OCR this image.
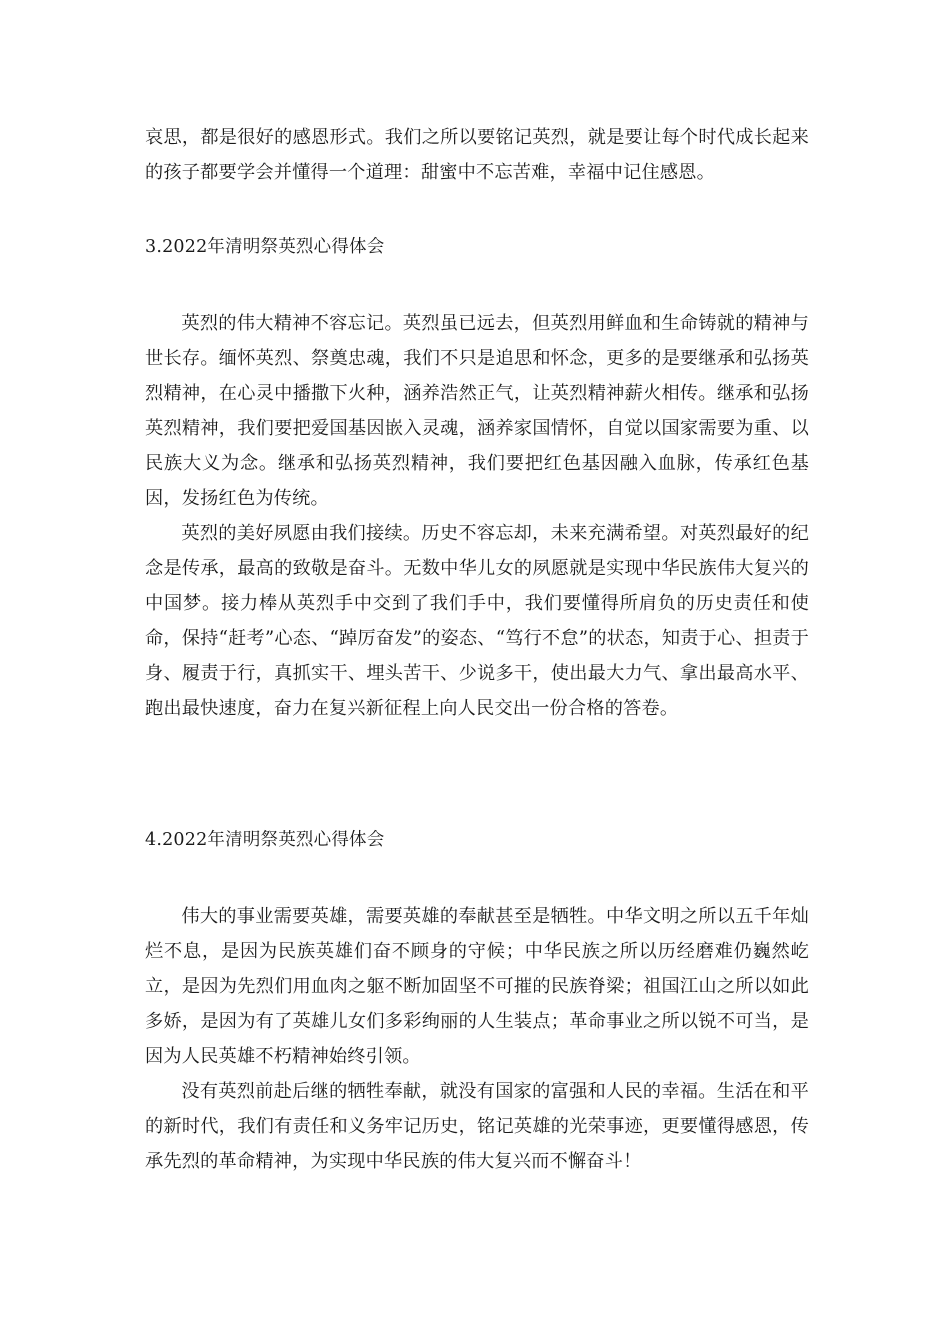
哀思，都是很好的感恩形式。我们之所以要铭记英烈，就是要让每个时代成长起来的孩子都要学会并懂得一个道理：甜蜜中不忘苦难，幸福中记住感恩。

3.2022年清明祭英烈心得体会

英烈的伟大精神不容忘记。英烈虽已远去，但英烈用鲜血和生命铸就的精神与世长存。缅怀英烈、祭奠忠魂，我们不只是追思和怀念，更多的是要继承和弘扬英烈精神，在心灵中播撒下火种，涵养浩然正气，让英烈精神薪火相传。继承和弘扬英烈精神，我们要把爱国基因嵌入灵魂，涵养家国情怀，自觉以国家需要为重、以民族大义为念。继承和弘扬英烈精神，我们要把红色基因融入血脉，传承红色基因，发扬红色为传统。

英烈的美好夙愿由我们接续。历史不容忘却，未来充满希望。对英烈最好的纪念是传承，最高的致敬是奋斗。无数中华儿女的夙愿就是实现中华民族伟大复兴的中国梦。接力棒从英烈手中交到了我们手中，我们要懂得所肩负的历史责任和使命，保持“赶考”心态、“踔厉奋发”的姿态、“笃行不怠”的状态，知责于心、担责于身、履责于行，真抓实干、埋头苦干、少说多干，使出最大力气、拿出最高水平、跑出最快速度，奋力在复兴新征程上向人民交出一份合格的答卷。

4.2022年清明祭英烈心得体会

伟大的事业需要英雄，需要英雄的奉献甚至是牺牲。中华文明之所以五千年灿烂不息，是因为民族英雄们奋不顾身的守候；中华民族之所以历经磨难仍巍然屹立，是因为先烈们用血肉之躯不断加固坚不可摧的民族脊梁；祖国江山之所以如此多娇，是因为有了英雄儿女们多彩绚丽的人生装点；革命事业之所以锐不可当，是因为人民英雄不朽精神始终引领。

没有英烈前赴后继的牺牲奉献，就没有国家的富强和人民的幸福。生活在和平的新时代，我们有责任和义务牢记历史，铭记英雄的光荣事迹，更要懂得感恩，传承先烈的革命精神，为实现中华民族的伟大复兴而不懈奋斗！
